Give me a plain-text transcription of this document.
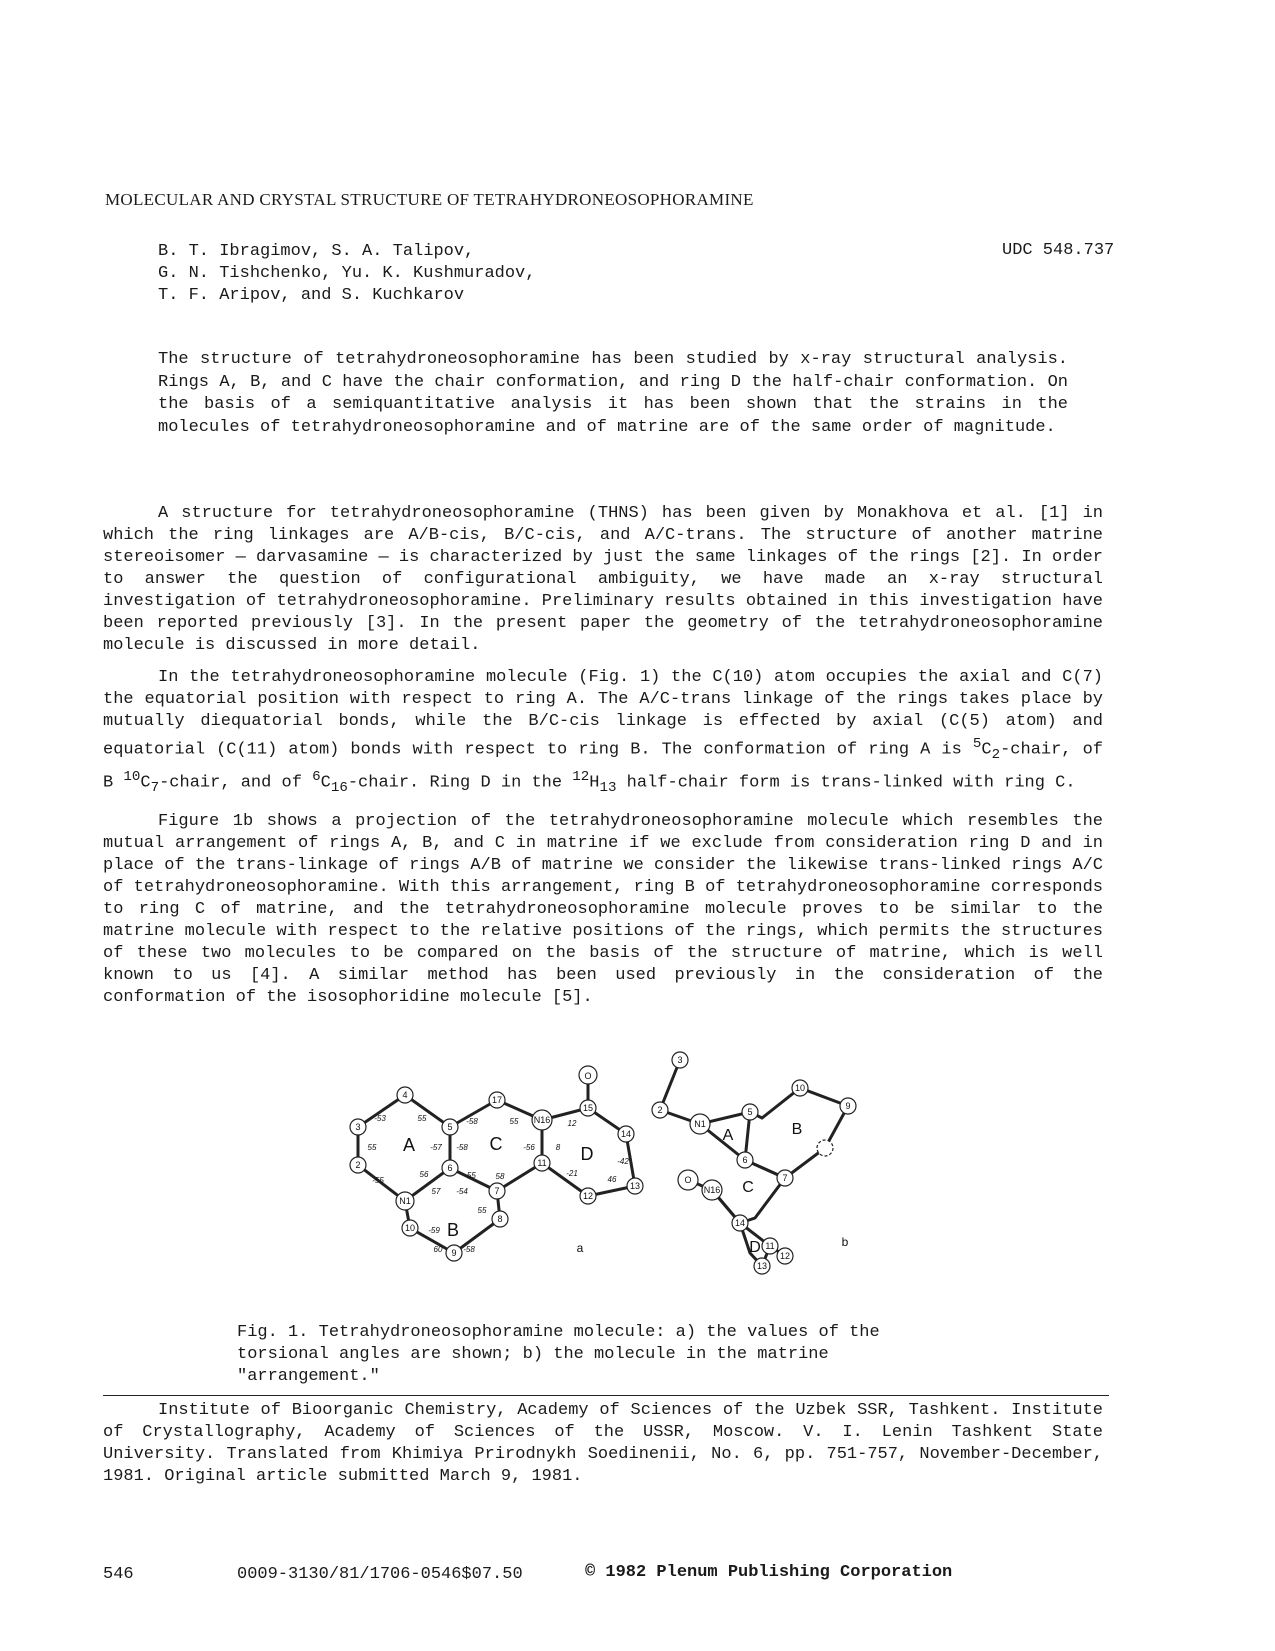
MOLECULAR AND CRYSTAL STRUCTURE OF TETRAHYDRONEOSOPHORAMINE
B. T. Ibragimov, S. A. Talipov,
G. N. Tishchenko, Yu. K. Kushmuradov,
T. F. Aripov, and S. Kuchkarov
UDC 548.737
The structure of tetrahydroneosophoramine has been studied by x-ray structural analysis. Rings A, B, and C have the chair conformation, and ring D the half-chair conformation. On the basis of a semiquantitative analysis it has been shown that the strains in the molecules of tetrahydroneosophoramine and of matrine are of the same order of magnitude.
A structure for tetrahydroneosophoramine (THNS) has been given by Monakhova et al. [1] in which the ring linkages are A/B-cis, B/C-cis, and A/C-trans. The structure of another matrine stereoisomer — darvasamine — is characterized by just the same linkages of the rings [2]. In order to answer the question of configurational ambiguity, we have made an x-ray structural investigation of tetrahydroneosophoramine. Preliminary results obtained in this investigation have been reported previously [3]. In the present paper the geometry of the tetrahydroneosophoramine molecule is discussed in more detail.
In the tetrahydroneosophoramine molecule (Fig. 1) the C(10) atom occupies the axial and C(7) the equatorial position with respect to ring A. The A/C-trans linkage of the rings takes place by mutually diequatorial bonds, while the B/C-cis linkage is effected by axial (C(5) atom) and equatorial (C(11) atom) bonds with respect to ring B. The conformation of ring A is $^5C_2$-chair, of B $^{10}C_7$-chair, and of $^6C_{16}$-chair. Ring D in the $^{12}H_{13}$ half-chair form is trans-linked with ring C.
Figure 1b shows a projection of the tetrahydroneosophoramine molecule which resembles the mutual arrangement of rings A, B, and C in matrine if we exclude from consideration ring D and in place of the trans-linkage of rings A/B of matrine we consider the likewise trans-linked rings A/C of tetrahydroneosophoramine. With this arrangement, ring B of tetrahydroneosophoramine corresponds to ring C of matrine, and the tetrahydroneosophoramine molecule proves to be similar to the matrine molecule with respect to the relative positions of the rings, which permits the structures of these two molecules to be compared on the basis of the structure of matrine, which is well known to us [4]. A similar method has been used previously in the consideration of the conformation of the isosophoridine molecule [5].
3
2
N1
6
5
4	17
N16
11
7
10
9
8
15
14
13
12
O
A
B
C	D
-53	55
55	-57
-55
56
57 -54
-58	55
-56
-59
60	-58
55
-55 58
-58	8
12
-42
-21
46
a
3
2
N1
5
10
9
7
6
N16
O
14
11
13
12
A	B
C
D	b
Fig. 1. Tetrahydroneosophoramine molecule: a) the values of the torsional angles are shown; b) the molecule in the matrine "arrangement."
Institute of Bioorganic Chemistry, Academy of Sciences of the Uzbek SSR, Tashkent. Institute of Crystallography, Academy of Sciences of the USSR, Moscow. V. I. Lenin Tashkent State University. Translated from Khimiya Prirodnykh Soedinenii, No. 6, pp. 751-757, November-December, 1981. Original article submitted March 9, 1981.
546	0009-3130/81/1706-0546$07.50	© 1982 Plenum Publishing Corporation
